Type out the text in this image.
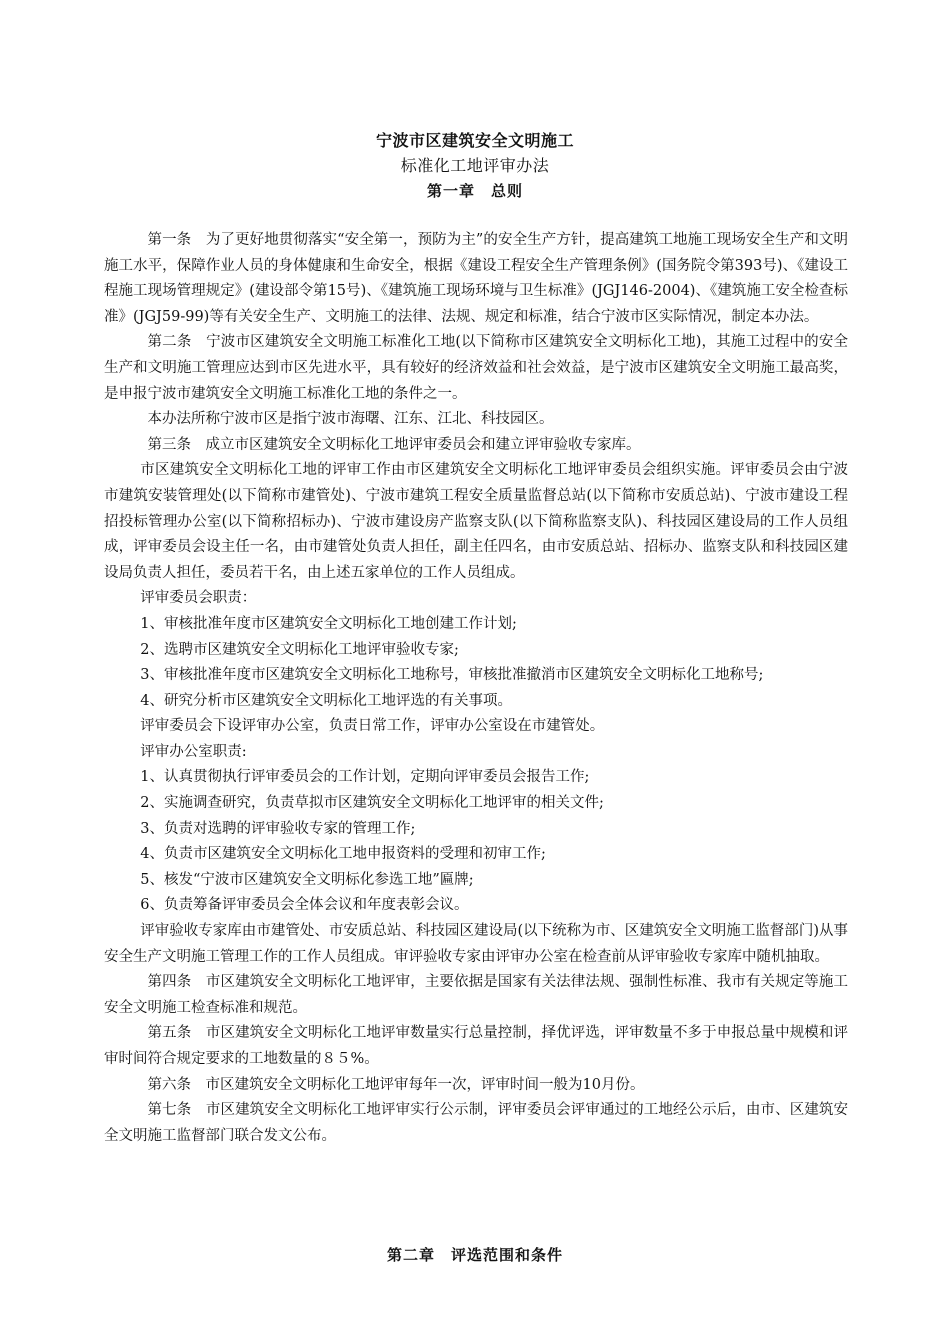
宁波市区建筑安全文明施工
标准化工地评审办法
第一章　总则

第一条　为了更好地贯彻落实“安全第一，预防为主”的安全生产方针，提高建筑工地施工现场安全生产和文明施工水平，保障作业人员的身体健康和生命安全，根据《建设工程安全生产管理条例》(国务院令第393号)、《建设工程施工现场管理规定》(建设部令第15号)、《建筑施工现场环境与卫生标准》(JGJ146-2004)、《建筑施工安全检查标准》(JGJ59-99)等有关安全生产、文明施工的法律、法规、规定和标准，结合宁波市区实际情况，制定本办法。

第二条　宁波市区建筑安全文明施工标准化工地(以下简称市区建筑安全文明标化工地)，其施工过程中的安全生产和文明施工管理应达到市区先进水平，具有较好的经济效益和社会效益，是宁波市区建筑安全文明施工最高奖，是申报宁波市建筑安全文明施工标准化工地的条件之一。

本办法所称宁波市区是指宁波市海曙、江东、江北、科技园区。

第三条　成立市区建筑安全文明标化工地评审委员会和建立评审验收专家库。

市区建筑安全文明标化工地的评审工作由市区建筑安全文明标化工地评审委员会组织实施。评审委员会由宁波市建筑安装管理处(以下简称市建管处)、宁波市建筑工程安全质量监督总站(以下简称市安质总站)、宁波市建设工程招投标管理办公室(以下简称招标办)、宁波市建设房产监察支队(以下简称监察支队)、科技园区建设局的工作人员组成，评审委员会设主任一名，由市建管处负责人担任，副主任四名，由市安质总站、招标办、监察支队和科技园区建设局负责人担任，委员若干名，由上述五家单位的工作人员组成。

评审委员会职责：

1、审核批准年度市区建筑安全文明标化工地创建工作计划;

2、选聘市区建筑安全文明标化工地评审验收专家;

3、审核批准年度市区建筑安全文明标化工地称号，审核批准撤消市区建筑安全文明标化工地称号;

4、研究分析市区建筑安全文明标化工地评选的有关事项。

评审委员会下设评审办公室，负责日常工作，评审办公室设在市建管处。

评审办公室职责:

1、认真贯彻执行评审委员会的工作计划，定期向评审委员会报告工作;

2、实施调查研究，负责草拟市区建筑安全文明标化工地评审的相关文件;

3、负责对选聘的评审验收专家的管理工作;

4、负责市区建筑安全文明标化工地申报资料的受理和初审工作;

5、核发“宁波市区建筑安全文明标化参选工地”匾牌;

6、负责筹备评审委员会全体会议和年度表彰会议。

评审验收专家库由市建管处、市安质总站、科技园区建设局(以下统称为市、区建筑安全文明施工监督部门)从事安全生产文明施工管理工作的工作人员组成。审评验收专家由评审办公室在检查前从评审验收专家库中随机抽取。

第四条　市区建筑安全文明标化工地评审，主要依据是国家有关法律法规、强制性标准、我市有关规定等施工安全文明施工检查标准和规范。

第五条　市区建筑安全文明标化工地评审数量实行总量控制，择优评选，评审数量不多于申报总量中规模和评审时间符合规定要求的工地数量的８５%。

第六条　市区建筑安全文明标化工地评审每年一次，评审时间一般为10月份。

第七条　市区建筑安全文明标化工地评审实行公示制，评审委员会评审通过的工地经公示后，由市、区建筑安全文明施工监督部门联合发文公布。

第二章　评选范围和条件
